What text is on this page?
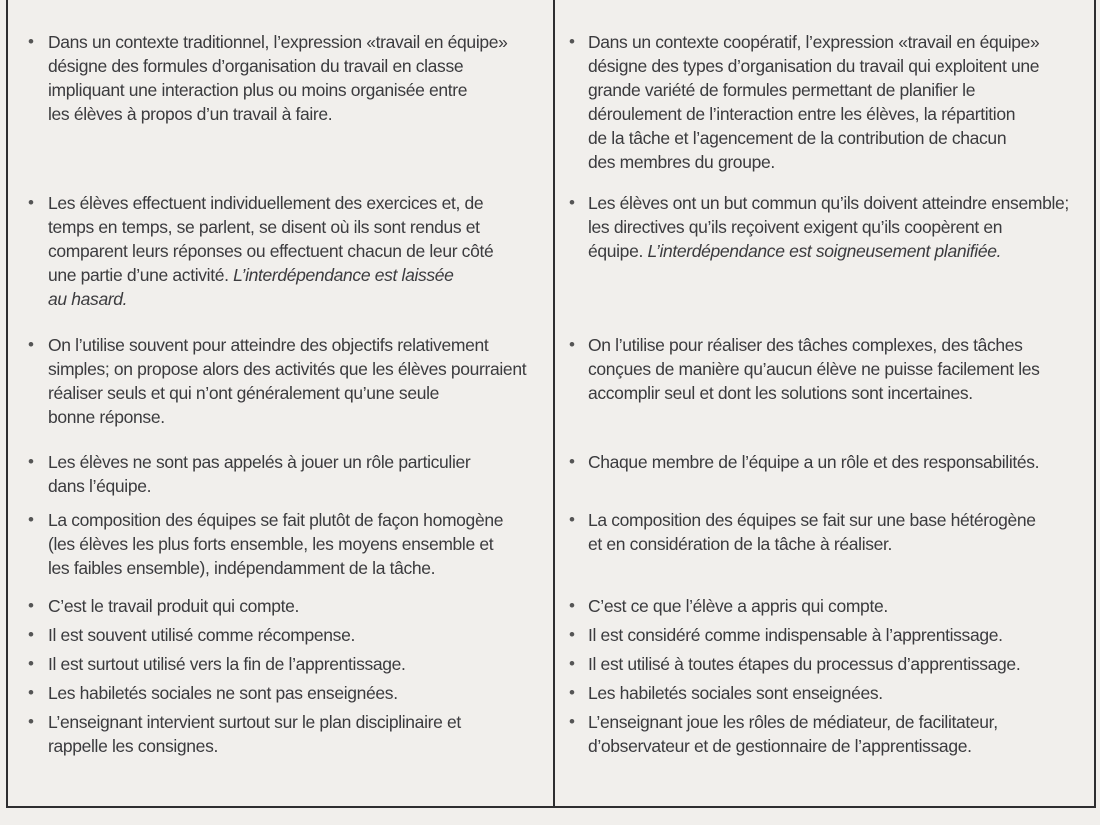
• Dans un contexte traditionnel, l’expression «travail en équipe»
désigne des formules d’organisation du travail en classe
impliquant une interaction plus ou moins organisée entre
les élèves à propos d’un travail à faire.
• Les élèves effectuent individuellement des exercices et, de
temps en temps, se parlent, se disent où ils sont rendus et
comparent leurs réponses ou effectuent chacun de leur côté
une partie d’une activité. L’interdépendance est laissée
au hasard.
• On l’utilise souvent pour atteindre des objectifs relativement
simples; on propose alors des activités que les élèves pourraient
réaliser seuls et qui n’ont généralement qu’une seule
bonne réponse.
• Les élèves ne sont pas appelés à jouer un rôle particulier
dans l’équipe.
• La composition des équipes se fait plutôt de façon homogène
(les élèves les plus forts ensemble, les moyens ensemble et
les faibles ensemble), indépendamment de la tâche.
• C’est le travail produit qui compte.
• Il est souvent utilisé comme récompense.
• Il est surtout utilisé vers la fin de l’apprentissage.
• Les habiletés sociales ne sont pas enseignées.
• L’enseignant intervient surtout sur le plan disciplinaire et
rappelle les consignes.
• Dans un contexte coopératif, l’expression «travail en équipe»
désigne des types d’organisation du travail qui exploitent une
grande variété de formules permettant de planifier le
déroulement de l’interaction entre les élèves, la répartition
de la tâche et l’agencement de la contribution de chacun
des membres du groupe.
• Les élèves ont un but commun qu’ils doivent atteindre ensemble;
les directives qu’ils reçoivent exigent qu’ils coopèrent en
équipe. L’interdépendance est soigneusement planifiée.
• On l’utilise pour réaliser des tâches complexes, des tâches
conçues de manière qu’aucun élève ne puisse facilement les
accomplir seul et dont les solutions sont incertaines.
• Chaque membre de l’équipe a un rôle et des responsabilités.
• La composition des équipes se fait sur une base hétérogène
et en considération de la tâche à réaliser.
• C’est ce que l’élève a appris qui compte.
• Il est considéré comme indispensable à l’apprentissage.
• Il est utilisé à toutes étapes du processus d’apprentissage.
• Les habiletés sociales sont enseignées.
• L’enseignant joue les rôles de médiateur, de facilitateur,
d’observateur et de gestionnaire de l’apprentissage.
